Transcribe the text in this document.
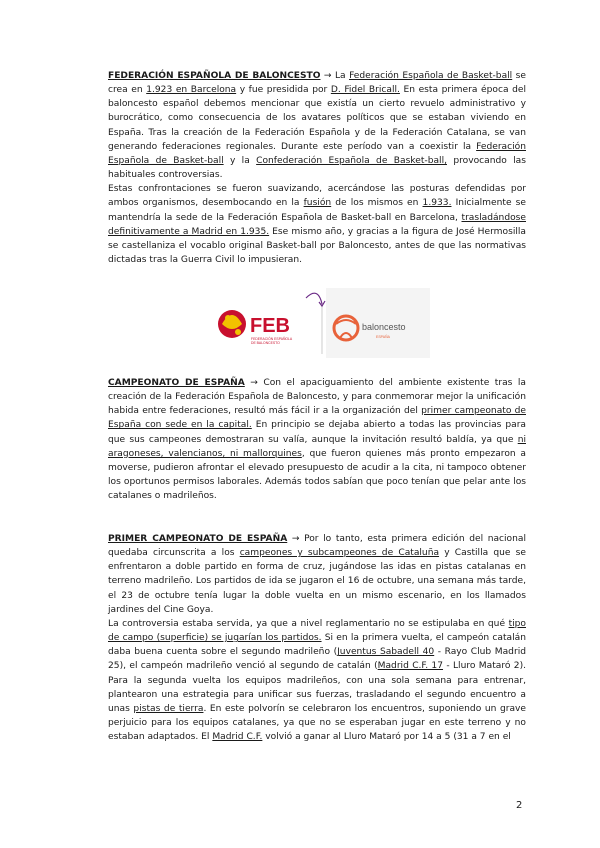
FEDERACIÓN ESPAÑOLA DE BALONCESTO → La Federación Española de Basket-ball se crea en 1.923 en Barcelona y fue presidida por D. Fidel Bricall. En esta primera época del baloncesto español debemos mencionar que existía un cierto revuelo administrativo y burocrático, como consecuencia de los avatares políticos que se estaban viviendo en España. Tras la creación de la Federación Española y de la Federación Catalana, se van generando federaciones regionales. Durante este período van a coexistir la Federación Española de Basket-ball y la Confederación Española de Basket-ball, provocando las habituales controversias.

Estas confrontaciones se fueron suavizando, acercándose las posturas defendidas por ambos organismos, desembocando en la fusión de los mismos en 1.933. Inicialmente se mantendría la sede de la Federación Española de Basket-ball en Barcelona, trasladándose definitivamente a Madrid en 1.935. Ese mismo año, y gracias a la figura de José Hermosilla se castellaniza el vocablo original Basket-ball por Baloncesto, antes de que las normativas dictadas tras la Guerra Civil lo impusieran.

FEB
FEDERACIÓN ESPAÑOLA
DE BALONCESTO
baloncesto
ESPAÑA

CAMPEONATO DE ESPAÑA → Con el apaciguamiento del ambiente existente tras la creación de la Federación Española de Baloncesto, y para conmemorar mejor la unificación habida entre federaciones, resultó más fácil ir a la organización del primer campeonato de España con sede en la capital. En principio se dejaba abierto a todas las provincias para que sus campeones demostraran su valía, aunque la invitación resultó baldía, ya que ni aragoneses, valencianos, ni mallorquines, que fueron quienes más pronto empezaron a moverse, pudieron afrontar el elevado presupuesto de acudir a la cita, ni tampoco obtener los oportunos permisos laborales. Además todos sabían que poco tenían que pelar ante los catalanes o madrileños.

PRIMER CAMPEONATO DE ESPAÑA → Por lo tanto, esta primera edición del nacional quedaba circunscrita a los campeones y subcampeones de Cataluña y Castilla que se enfrentaron a doble partido en forma de cruz, jugándose las idas en pistas catalanas en terreno madrileño. Los partidos de ida se jugaron el 16 de octubre, una semana más tarde, el 23 de octubre tenía lugar la doble vuelta en un mismo escenario, en los llamados jardines del Cine Goya.

La controversia estaba servida, ya que a nivel reglamentario no se estipulaba en qué tipo de campo (superficie) se jugarían los partidos. Si en la primera vuelta, el campeón catalán daba buena cuenta sobre el segundo madrileño (Juventus Sabadell 40 - Rayo Club Madrid 25), el campeón madrileño venció al segundo de catalán (Madrid C.F. 17 - Lluro Mataró 2). Para la segunda vuelta los equipos madrileños, con una sola semana para entrenar, plantearon una estrategia para unificar sus fuerzas, trasladando el segundo encuentro a unas pistas de tierra. En este polvorín se celebraron los encuentros, suponiendo un grave perjuicio para los equipos catalanes, ya que no se esperaban jugar en este terreno y no estaban adaptados. El Madrid C.F. volvió a ganar al Lluro Mataró por 14 a 5 (31 a 7 en el

2
